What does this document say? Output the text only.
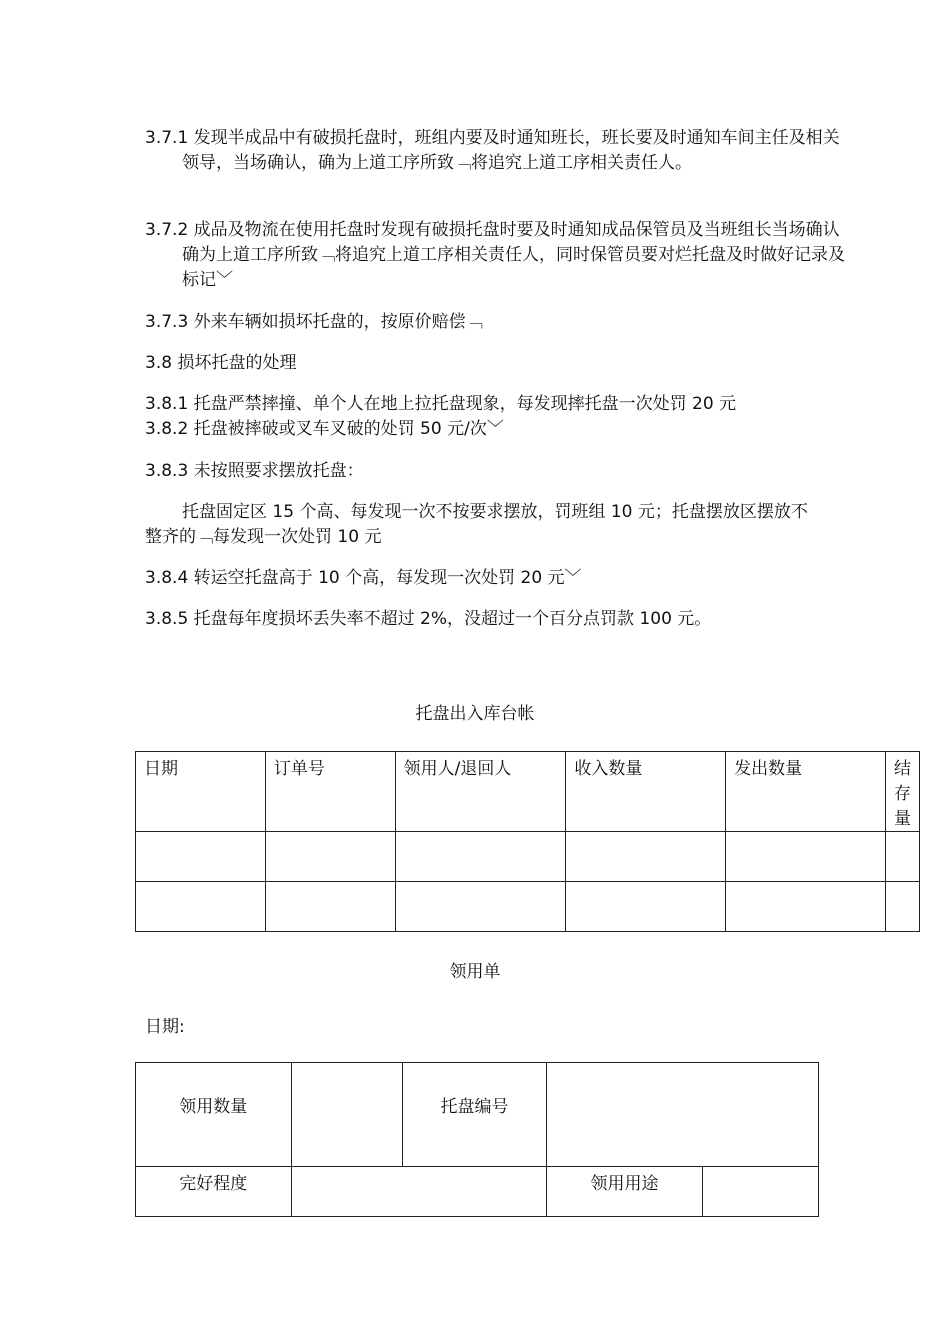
3.7.1 发现半成品中有破损托盘时，班组内要及时通知班长，班长要及时通知车间主任及相关领导，当场确认，确为上道工序所致﹁将追究上道工序相关责任人。

3.7.2 成品及物流在使用托盘时发现有破损托盘时要及时通知成品保管员及当班组长当场确认确为上道工序所致﹁将追究上道工序相关责任人，同时保管员要对烂托盘及时做好记录及标记﹀

3.7.3 外来车辆如损坏托盘的，按原价赔偿﹁

3.8 损坏托盘的处理

3.8.1 托盘严禁摔撞、单个人在地上拉托盘现象，每发现摔托盘一次处罚 20 元

3.8.2 托盘被摔破或叉车叉破的处罚 50 元/次﹀

3.8.3 未按照要求摆放托盘：

托盘固定区 15 个高、每发现一次不按要求摆放，罚班组 10 元；托盘摆放区摆放不整齐的﹁每发现一次处罚 10 元

3.8.4 转运空托盘高于 10 个高，每发现一次处罚 20 元﹀

3.8.5 托盘每年度损坏丢失率不超过 2%，没超过一个百分点罚款 100 元。

托盘出入库台帐
日期	订单号	领用人/退回人	收入数量	发出数量	结存量

领用单
日期:
领用数量		托盘编号		
完好程度			领用用途	
